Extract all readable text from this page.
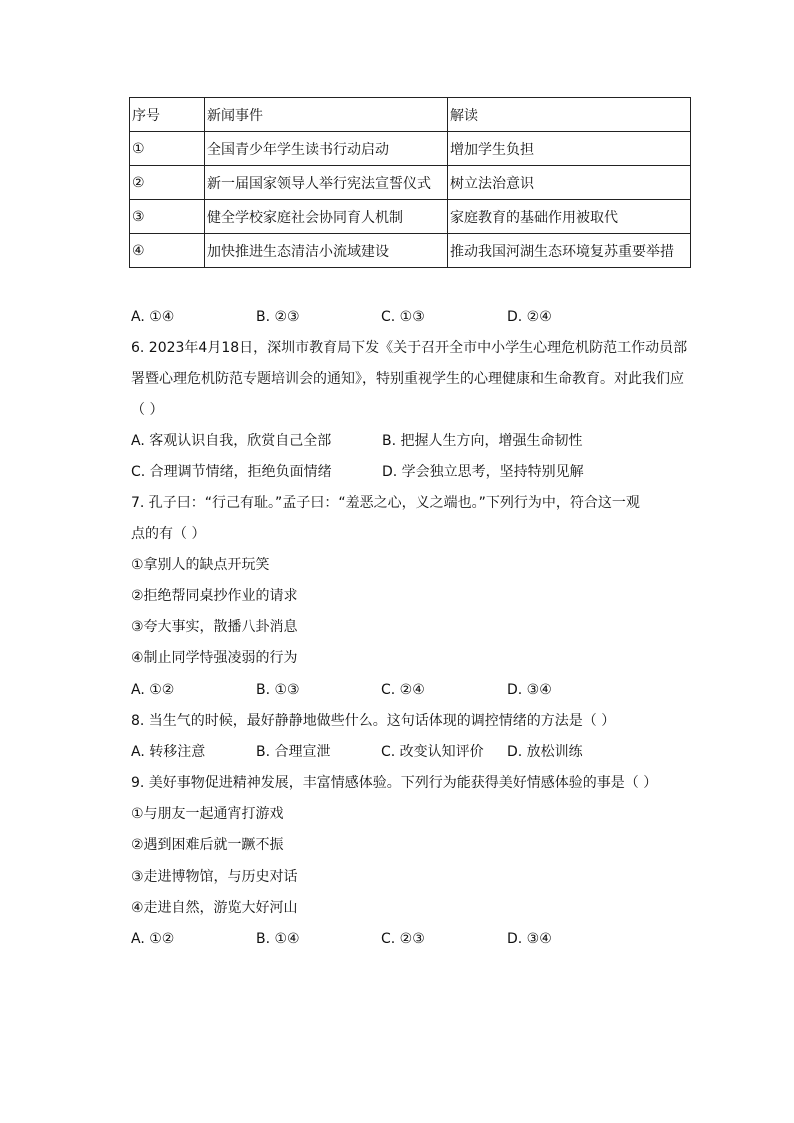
序号	新闻事件	解读
①	全国青少年学生读书行动启动	增加学生负担
②	新一届国家领导人举行宪法宣誓仪式	树立法治意识
③	健全学校家庭社会协同育人机制	家庭教育的基础作用被取代
④	加快推进生态清洁小流域建设	推动我国河湖生态环境复苏重要举措
A. ①④	B. ②③	C. ①③	D. ②④
6. 2023年4月18日，深圳市教育局下发《关于召开全市中小学生心理危机防范工作动员部
署暨心理危机防范专题培训会的通知》，特别重视学生的心理健康和生命教育。对此我们应
（ ）
A. 客观认识自我，欣赏自己全部	B. 把握人生方向，增强生命韧性
C. 合理调节情绪，拒绝负面情绪	D. 学会独立思考，坚持特别见解
7. 孔子曰：“行己有耻。”孟子曰：“羞恶之心，义之端也。”下列行为中，符合这一观
点的有（ ）
①拿别人的缺点开玩笑
②拒绝帮同桌抄作业的请求
③夸大事实，散播八卦消息
④制止同学恃强凌弱的行为
A. ①②	B. ①③	C. ②④	D. ③④
8. 当生气的时候，最好静静地做些什么。这句话体现的调控情绪的方法是（ ）
A. 转移注意	B. 合理宣泄	C. 改变认知评价 D. 放松训练
9. 美好事物促进精神发展，丰富情感体验。下列行为能获得美好情感体验的事是（ ）
①与朋友一起通宵打游戏
②遇到困难后就一蹶不振
③走进博物馆，与历史对话
④走进自然，游览大好河山
A. ①②	B. ①④	C. ②③	D. ③④
